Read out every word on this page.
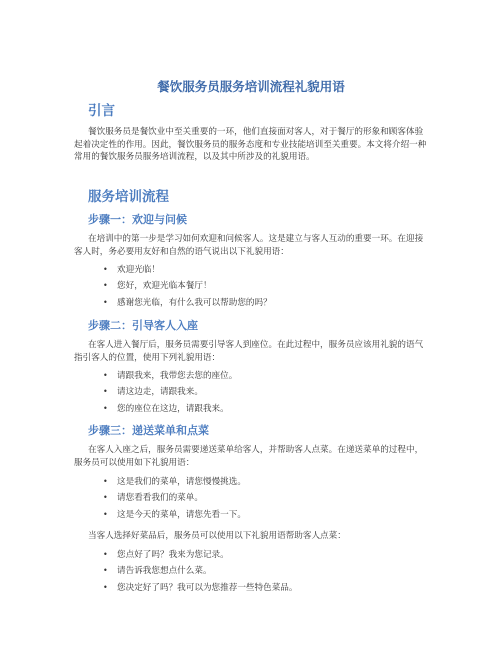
餐饮服务员服务培训流程礼貌用语
引言
餐饮服务员是餐饮业中至关重要的一环，他们直接面对客人，对于餐厅的形象和顾客体验起着决定性的作用。因此，餐饮服务员的服务态度和专业技能培训至关重要。本文将介绍一种常用的餐饮服务员服务培训流程，以及其中所涉及的礼貌用语。
服务培训流程
步骤一：欢迎与问候
在培训中的第一步是学习如何欢迎和问候客人。这是建立与客人互动的重要一环。在迎接客人时，务必要用友好和自然的语气说出以下礼貌用语：
• 欢迎光临！
• 您好，欢迎光临本餐厅！
• 感谢您光临，有什么我可以帮助您的吗？
步骤二：引导客人入座
在客人进入餐厅后，服务员需要引导客人到座位。在此过程中，服务员应该用礼貌的语气指引客人的位置，使用下列礼貌用语：
• 请跟我来，我带您去您的座位。
• 请这边走，请跟我来。
• 您的座位在这边，请跟我来。
步骤三：递送菜单和点菜
在客人入座之后，服务员需要递送菜单给客人，并帮助客人点菜。在递送菜单的过程中，服务员可以使用如下礼貌用语：
• 这是我们的菜单，请您慢慢挑选。
• 请您看看我们的菜单。
• 这是今天的菜单，请您先看一下。
当客人选择好菜品后，服务员可以使用以下礼貌用语帮助客人点菜：
• 您点好了吗？我来为您记录。
• 请告诉我您想点什么菜。
• 您决定好了吗？我可以为您推荐一些特色菜品。
